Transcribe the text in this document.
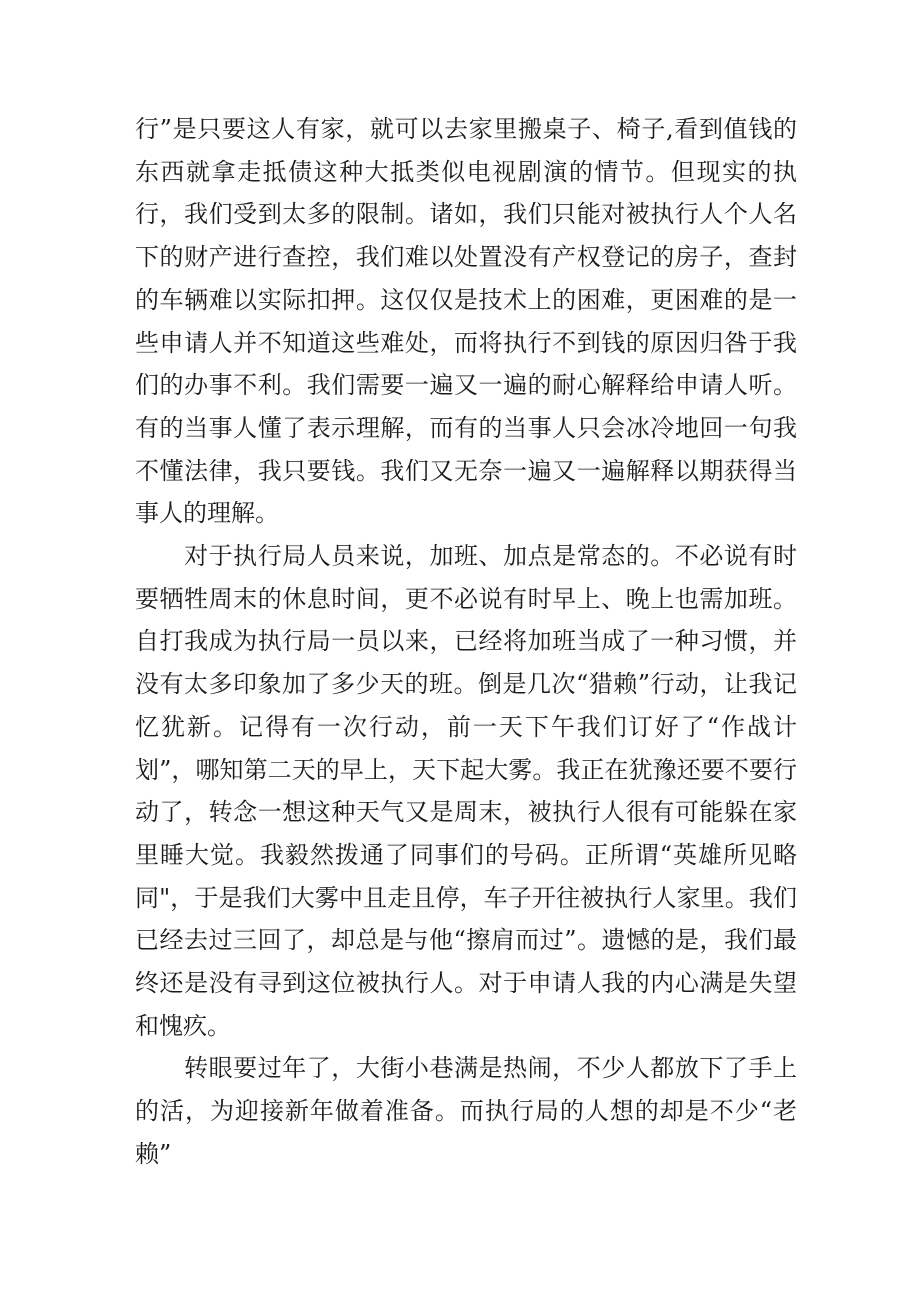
行”是只要这人有家，就可以去家里搬桌子、椅子,看到值钱的东西就拿走抵债这种大抵类似电视剧演的情节。但现实的执行，我们受到太多的限制。诸如，我们只能对被执行人个人名下的财产进行查控，我们难以处置没有产权登记的房子，查封的车辆难以实际扣押。这仅仅是技术上的困难，更困难的是一些申请人并不知道这些难处，而将执行不到钱的原因归咎于我们的办事不利。我们需要一遍又一遍的耐心解释给申请人听。有的当事人懂了表示理解，而有的当事人只会冰冷地回一句我不懂法律，我只要钱。我们又无奈一遍又一遍解释以期获得当事人的理解。

　　对于执行局人员来说，加班、加点是常态的。不必说有时要牺牲周末的休息时间，更不必说有时早上、晚上也需加班。自打我成为执行局一员以来，已经将加班当成了一种习惯，并没有太多印象加了多少天的班。倒是几次“猎赖”行动，让我记忆犹新。记得有一次行动，前一天下午我们订好了“作战计划”，哪知第二天的早上，天下起大雾。我正在犹豫还要不要行动了，转念一想这种天气又是周末，被执行人很有可能躲在家里睡大觉。我毅然拨通了同事们的号码。正所谓“英雄所见略同"，于是我们大雾中且走且停，车子开往被执行人家里。我们已经去过三回了，却总是与他“擦肩而过”。遗憾的是，我们最终还是没有寻到这位被执行人。对于申请人我的内心满是失望和愧疚。

　　转眼要过年了，大街小巷满是热闹，不少人都放下了手上的活，为迎接新年做着准备。而执行局的人想的却是不少“老赖”
